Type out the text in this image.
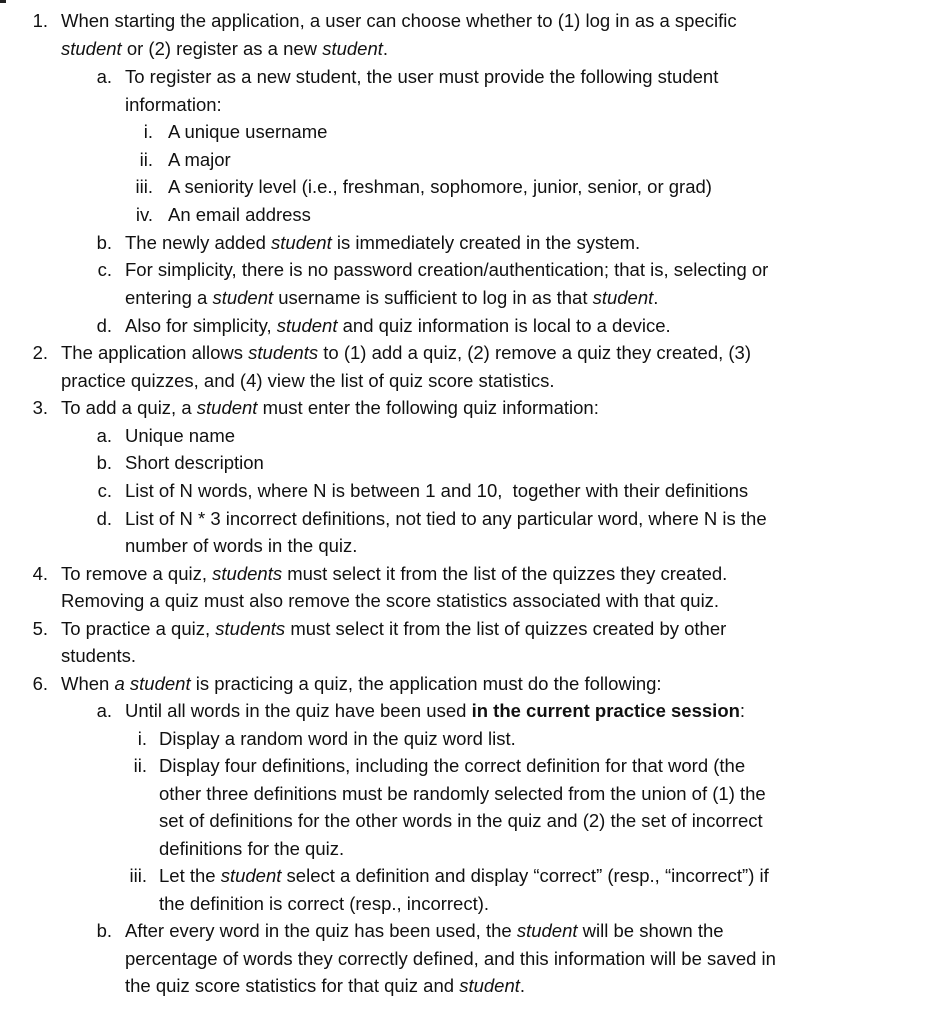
1. When starting the application, a user can choose whether to (1) log in as a specific
student or (2) register as a new student.
a. To register as a new student, the user must provide the following student
information:
i. A unique username
ii. A major
iii. A seniority level (i.e., freshman, sophomore, junior, senior, or grad)
iv. An email address
b. The newly added student is immediately created in the system.
c. For simplicity, there is no password creation/authentication; that is, selecting or
entering a student username is sufficient to log in as that student.
d. Also for simplicity, student and quiz information is local to a device.
2. The application allows students to (1) add a quiz, (2) remove a quiz they created, (3)
practice quizzes, and (4) view the list of quiz score statistics.
3. To add a quiz, a student must enter the following quiz information:
a. Unique name
b. Short description
c. List of N words, where N is between 1 and 10,  together with their definitions
d. List of N * 3 incorrect definitions, not tied to any particular word, where N is the
number of words in the quiz.
4. To remove a quiz, students must select it from the list of the quizzes they created.
Removing a quiz must also remove the score statistics associated with that quiz.
5. To practice a quiz, students must select it from the list of quizzes created by other
students.
6. When a student is practicing a quiz, the application must do the following:
a. Until all words in the quiz have been used in the current practice session:
i. Display a random word in the quiz word list.
ii. Display four definitions, including the correct definition for that word (the
other three definitions must be randomly selected from the union of (1) the
set of definitions for the other words in the quiz and (2) the set of incorrect
definitions for the quiz.
iii. Let the student select a definition and display “correct” (resp., “incorrect”) if
the definition is correct (resp., incorrect).
b. After every word in the quiz has been used, the student will be shown the
percentage of words they correctly defined, and this information will be saved in
the quiz score statistics for that quiz and student.
